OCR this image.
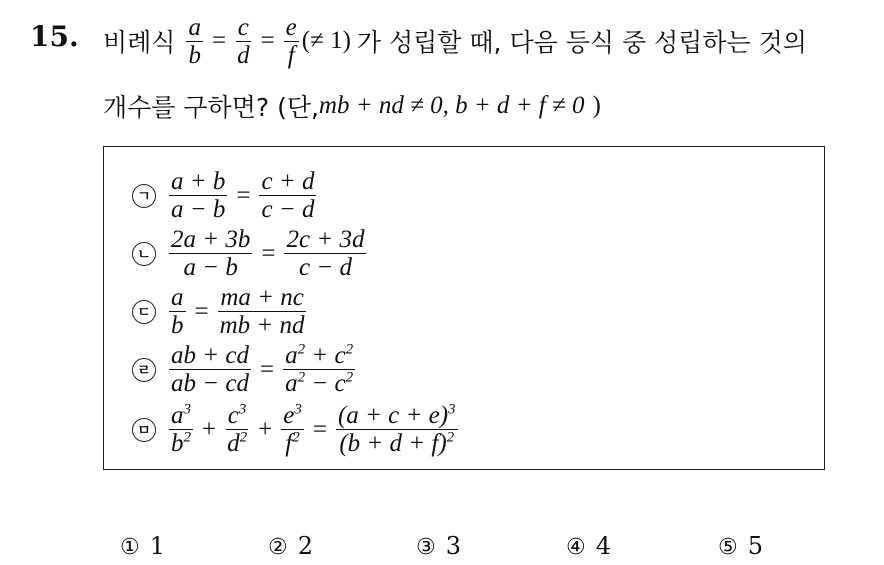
15. 비례식 $\frac{a}{b} = \frac{c}{d} = \frac{e}{f}$ (≠ 1) 가 성립할 때, 다음 등식 중 성립하는 것의
개수를 구하면? (단, mb + nd ≠ 0, b + d + f ≠ 0 )
ㄱ $\frac{a + b}{a - b} = \frac{c + d}{c - d}$
ㄴ $\frac{2a + 3b}{a - b} = \frac{2c + 3d}{c - d}$
ㄷ $\frac{a}{b} = \frac{ma + nc}{mb + nd}$
ㄹ $\frac{ab + cd}{ab - cd} = \frac{a^2 + c^2}{a^2 - c^2}$
ㅁ $\frac{a^3}{b^2} + \frac{c^3}{d^2} + \frac{e^3}{f^2} = \frac{(a + c + e)^3}{(b + d + f)^2}$
① 1	② 2	③ 3	④ 4	⑤ 5
